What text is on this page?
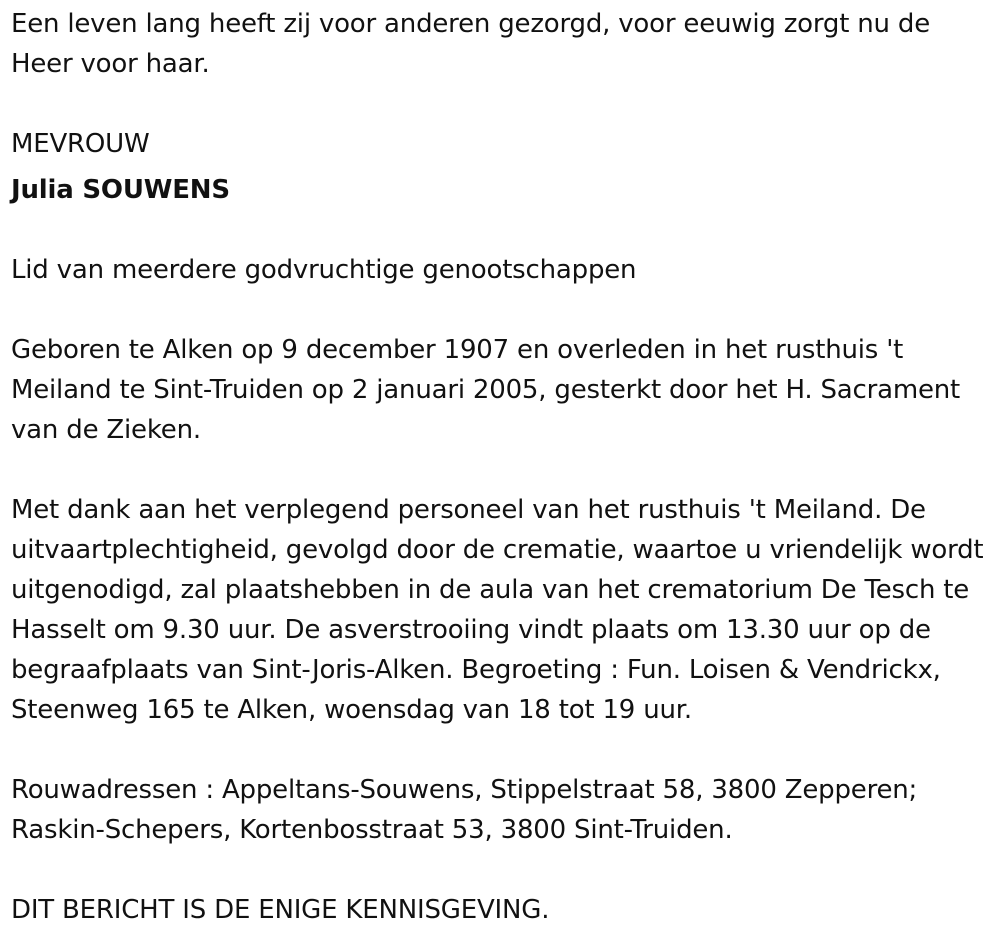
Een leven lang heeft zij voor anderen gezorgd, voor eeuwig zorgt nu de Heer voor haar.

MEVROUW

Julia SOUWENS

Lid van meerdere godvruchtige genootschappen

Geboren te Alken op 9 december 1907 en overleden in het rusthuis 't Meiland te Sint-Truiden op 2 januari 2005, gesterkt door het H. Sacrament van de Zieken.

Met dank aan het verplegend personeel van het rusthuis 't Meiland. De uitvaartplechtigheid, gevolgd door de crematie, waartoe u vriendelijk wordt uitgenodigd, zal plaatshebben in de aula van het crematorium De Tesch te Hasselt om 9.30 uur. De asverstrooiing vindt plaats om 13.30 uur op de begraafplaats van Sint-Joris-Alken. Begroeting : Fun. Loisen & Vendrickx, Steenweg 165 te Alken, woensdag van 18 tot 19 uur.

Rouwadressen : Appeltans-Souwens, Stippelstraat 58, 3800 Zepperen; Raskin-Schepers, Kortenbosstraat 53, 3800 Sint-Truiden.

DIT BERICHT IS DE ENIGE KENNISGEVING.
